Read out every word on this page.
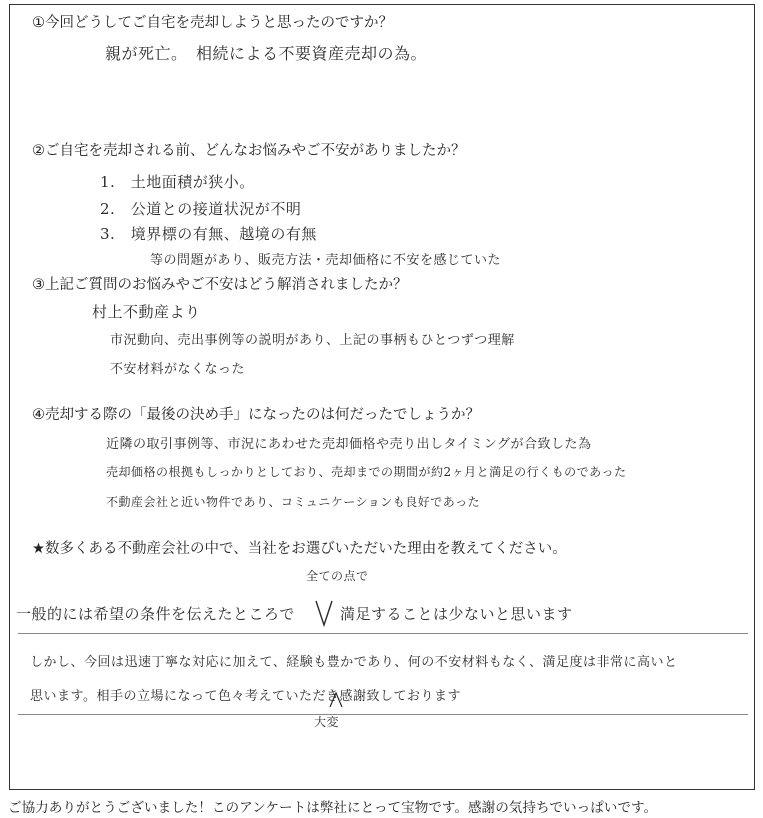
①今回どうしてご自宅を売却しようと思ったのですか？
親が死亡。　相続による不要資産売却の為。
②ご自宅を売却される前、どんなお悩みやご不安がありましたか？
1.　土地面積が狭小。
2.　公道との接道状況が不明
3.　境界標の有無、越境の有無
等の問題があり、販売方法・売却価格に不安を感じていた
③上記ご質問のお悩みやご不安はどう解消されましたか？
村上不動産より
市況動向、売出事例等の説明があり、上記の事柄もひとつずつ理解
不安材料がなくなった
④売却する際の「最後の決め手」になったのは何だったでしょうか？
近隣の取引事例等、市況にあわせた売却価格や売り出しタイミングが合致した為
売却価格の根拠もしっかりとしており、売却までの期間が約2ヶ月と満足の行くものであった
不動産会社と近い物件であり、コミュニケーションも良好であった
★数多くある不動産会社の中で、当社をお選びいただいた理由を教えてください。
全ての点で
一般的には希望の条件を伝えたところで	満足することは少ないと思います
しかし、今回は迅速丁寧な対応に加えて、経験も豊かであり、何の不安材料もなく、満足度は非常に高いと
思います。相手の立場になって色々考えていただき感謝致しております
大変
ご協力ありがとうございました！このアンケートは弊社にとって宝物です。感謝の気持ちでいっぱいです。
